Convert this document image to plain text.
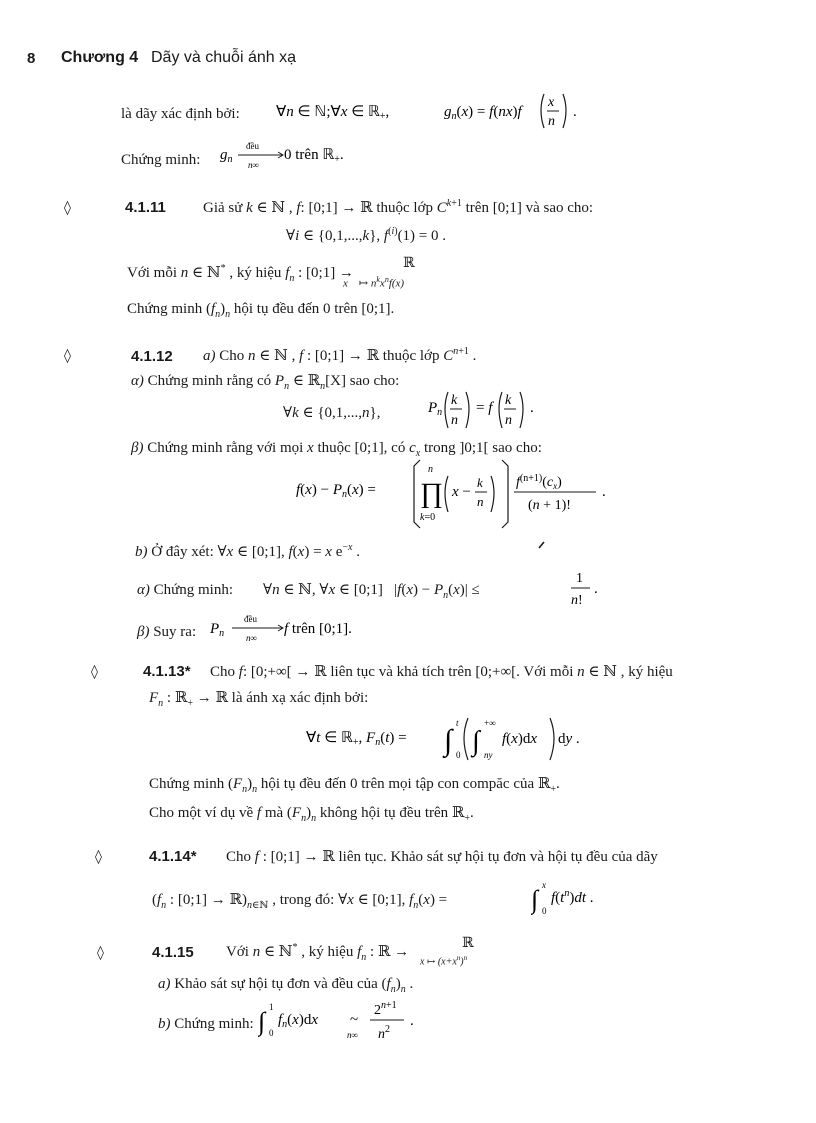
8 Chương 4 Dãy và chuỗi ánh xạ
là dãy xác định bởi: ∀n ∈ ℕ;∀x ∈ ℝ$_+$,	$g_n(x) = f(nx)f$
x
n
.
Chứng minh: $g_n$
đều
n∞
0 trên ℝ$_+$.
◊	4.1.11 Giả sử k ∈ ℕ , f: [0;1] → ℝ thuộc lớp $C^{k+1}$ trên [0;1] và sao cho:
∀i ∈ {0,1,...,k}, $f^{(i)}(1) = 0$ .
Với mỗi n ∈ ℕ* , ký hiệu $f_n$ : [0;1] →
ℝ
x    ↦ $n^kx^nf(x)$
Chứng minh $(f_n)_n$ hội tụ đều đến 0 trên [0;1].
◊	4.1.12 a) Cho n ∈ ℕ , f : [0;1] → ℝ thuộc lớp $C^{n+1}$ .
α) Chứng minh rằng có $P_n$ ∈ ℝ$_n$[X] sao cho:
∀k ∈ {0,1,...,n},	$P_n$
k
n
= f k
n
.
β) Chứng minh rằng với mọi x thuộc [0;1], có $c_x$ trong ]0;1[ sao cho:
$f(x) - P_n(x)$ =
n
∏
k=0
x −
k
n
$f^{(n+1)}(c_x)$
(n + 1)!
.
b) Ở đây xét: ∀x ∈ [0;1], f(x) = x $e^{-x}$ .
α) Chứng minh:        ∀n ∈ ℕ, ∀x ∈ [0;1]   $|f(x) - P_n(x)|$ ≤
1
n!
.
β) Suy ra: $P_n$
đều
n∞
f trên [0;1].
◊	4.1.13* Cho f: [0;+∞[ → ℝ liên tục và khả tích trên [0;+∞[. Với mỗi n ∈ ℕ , ký hiệu
$F_n$ : ℝ$_+$ → ℝ là ánh xạ xác định bởi:
∀t ∈ ℝ$_+$, $F_n(t)$ = ∫
t
0 ∫
+∞
ny
f(x)dx dy .
Chứng minh $(F_n)_n$ hội tụ đều đến 0 trên mọi tập con compăc của ℝ$_+$.
Cho một ví dụ về f mà $(F_n)_n$ không hội tụ đều trên ℝ$_+$.
◊	4.1.14* Cho f : [0;1] → ℝ liên tục. Khảo sát sự hội tụ đơn và hội tụ đều của dãy
($f_n$ : [0;1] → $ℝ)_{n\in ℕ}$ , trong đó: ∀x ∈ [0;1], $f_n(x)$ =	∫ x
0
$f(t^n)dt$ .
◊	4.1.15 Với n ∈ ℕ* , ký hiệu $f_n$ : ℝ →
ℝ
x ↦ $(x+x^n)^n$
a) Khảo sát sự hội tụ đơn và đều của $(f_n)_n$ .
b) Chứng minh: ∫ 1
0
$f_n(x)dx$ ~
n∞
$2^{n+1}$
$n^2$
.
